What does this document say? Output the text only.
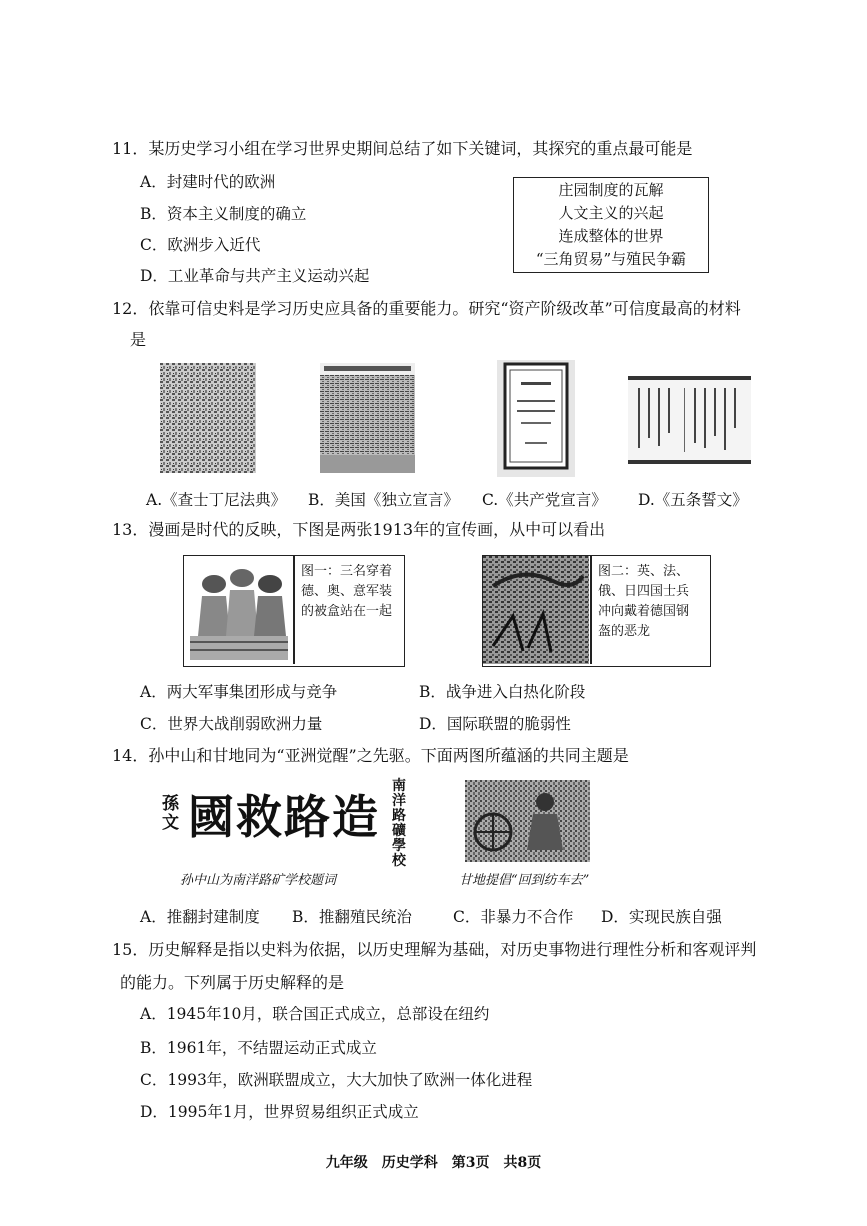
11．某历史学习小组在学习世界史期间总结了如下关键词，其探究的重点最可能是
A．封建时代的欧洲
B．资本主义制度的确立
C．欧洲步入近代
D．工业革命与共产主义运动兴起
庄园制度的瓦解
人文主义的兴起
连成整体的世界
“三角贸易”与殖民争霸
12．依靠可信史料是学习历史应具备的重要能力。研究“资产阶级改革”可信度最高的材料
是
A.《查士丁尼法典》 B．美国《独立宣言》 C.《共产党宣言》 D.《五条誓文》
13．漫画是时代的反映，下图是两张1913年的宣传画，从中可以看出
图一：三名穿着德、奥、意军装的被盒站在一起
图二：英、法、俄、日四国士兵冲向戴着德国钢盔的恶龙
A．两大军事集团形成与竞争	B．战争进入白热化阶段
C．世界大战削弱欧洲力量	D．国际联盟的脆弱性
14．孙中山和甘地同为“亚洲觉醒”之先驱。下面两图所蕴涵的共同主题是
孫文 國救路造
南洋路礦學校
孙中山为南洋路矿学校题词	甘地提倡“回到纺车去”
A．推翻封建制度 B．推翻殖民统治	C．非暴力不合作 D．实现民族自强
15．历史解释是指以史料为依据，以历史理解为基础，对历史事物进行理性分析和客观评判
的能力。下列属于历史解释的是
A．1945年10月，联合国正式成立，总部设在纽约
B．1961年，不结盟运动正式成立
C．1993年，欧洲联盟成立，大大加快了欧洲一体化进程
D．1995年1月，世界贸易组织正式成立
九年级　历史学科　第3页　共8页
